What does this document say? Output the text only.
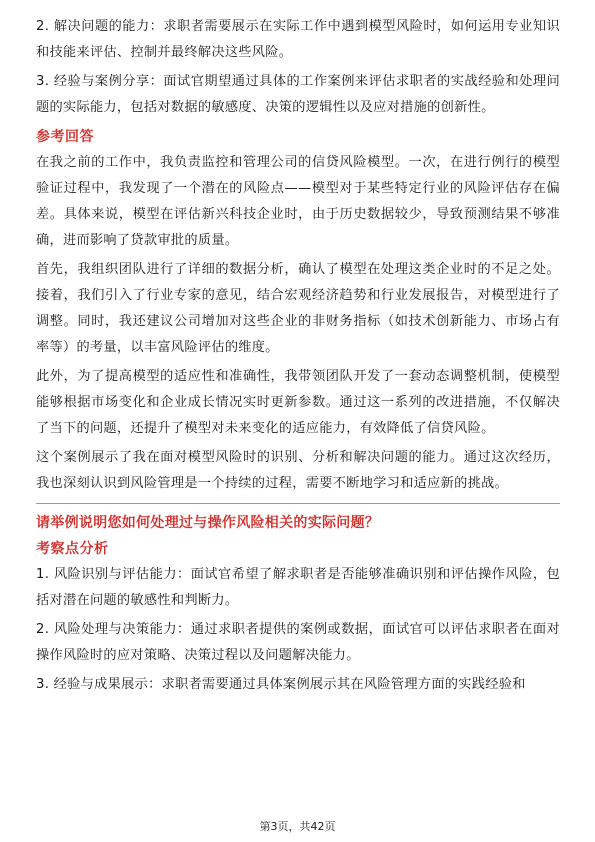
2. 解决问题的能力：求职者需要展示在实际工作中遇到模型风险时，如何运用专业知识和技能来评估、控制并最终解决这些风险。

3. 经验与案例分享：面试官期望通过具体的工作案例来评估求职者的实战经验和处理问题的实际能力，包括对数据的敏感度、决策的逻辑性以及应对措施的创新性。

参考回答

在我之前的工作中，我负责监控和管理公司的信贷风险模型。一次，在进行例行的模型验证过程中，我发现了一个潜在的风险点——模型对于某些特定行业的风险评估存在偏差。具体来说，模型在评估新兴科技企业时，由于历史数据较少，导致预测结果不够准确，进而影响了贷款审批的质量。

首先，我组织团队进行了详细的数据分析，确认了模型在处理这类企业时的不足之处。接着，我们引入了行业专家的意见，结合宏观经济趋势和行业发展报告，对模型进行了调整。同时，我还建议公司增加对这些企业的非财务指标（如技术创新能力、市场占有率等）的考量，以丰富风险评估的维度。

此外，为了提高模型的适应性和准确性，我带领团队开发了一套动态调整机制，使模型能够根据市场变化和企业成长情况实时更新参数。通过这一系列的改进措施，不仅解决了当下的问题，还提升了模型对未来变化的适应能力，有效降低了信贷风险。

这个案例展示了我在面对模型风险时的识别、分析和解决问题的能力。通过这次经历，我也深刻认识到风险管理是一个持续的过程，需要不断地学习和适应新的挑战。

请举例说明您如何处理过与操作风险相关的实际问题？
考察点分析

1. 风险识别与评估能力：面试官希望了解求职者是否能够准确识别和评估操作风险，包括对潜在问题的敏感性和判断力。

2. 风险处理与决策能力：通过求职者提供的案例或数据，面试官可以评估求职者在面对操作风险时的应对策略、决策过程以及问题解决能力。

3. 经验与成果展示：求职者需要通过具体案例展示其在风险管理方面的实践经验和

第3页，共42页
